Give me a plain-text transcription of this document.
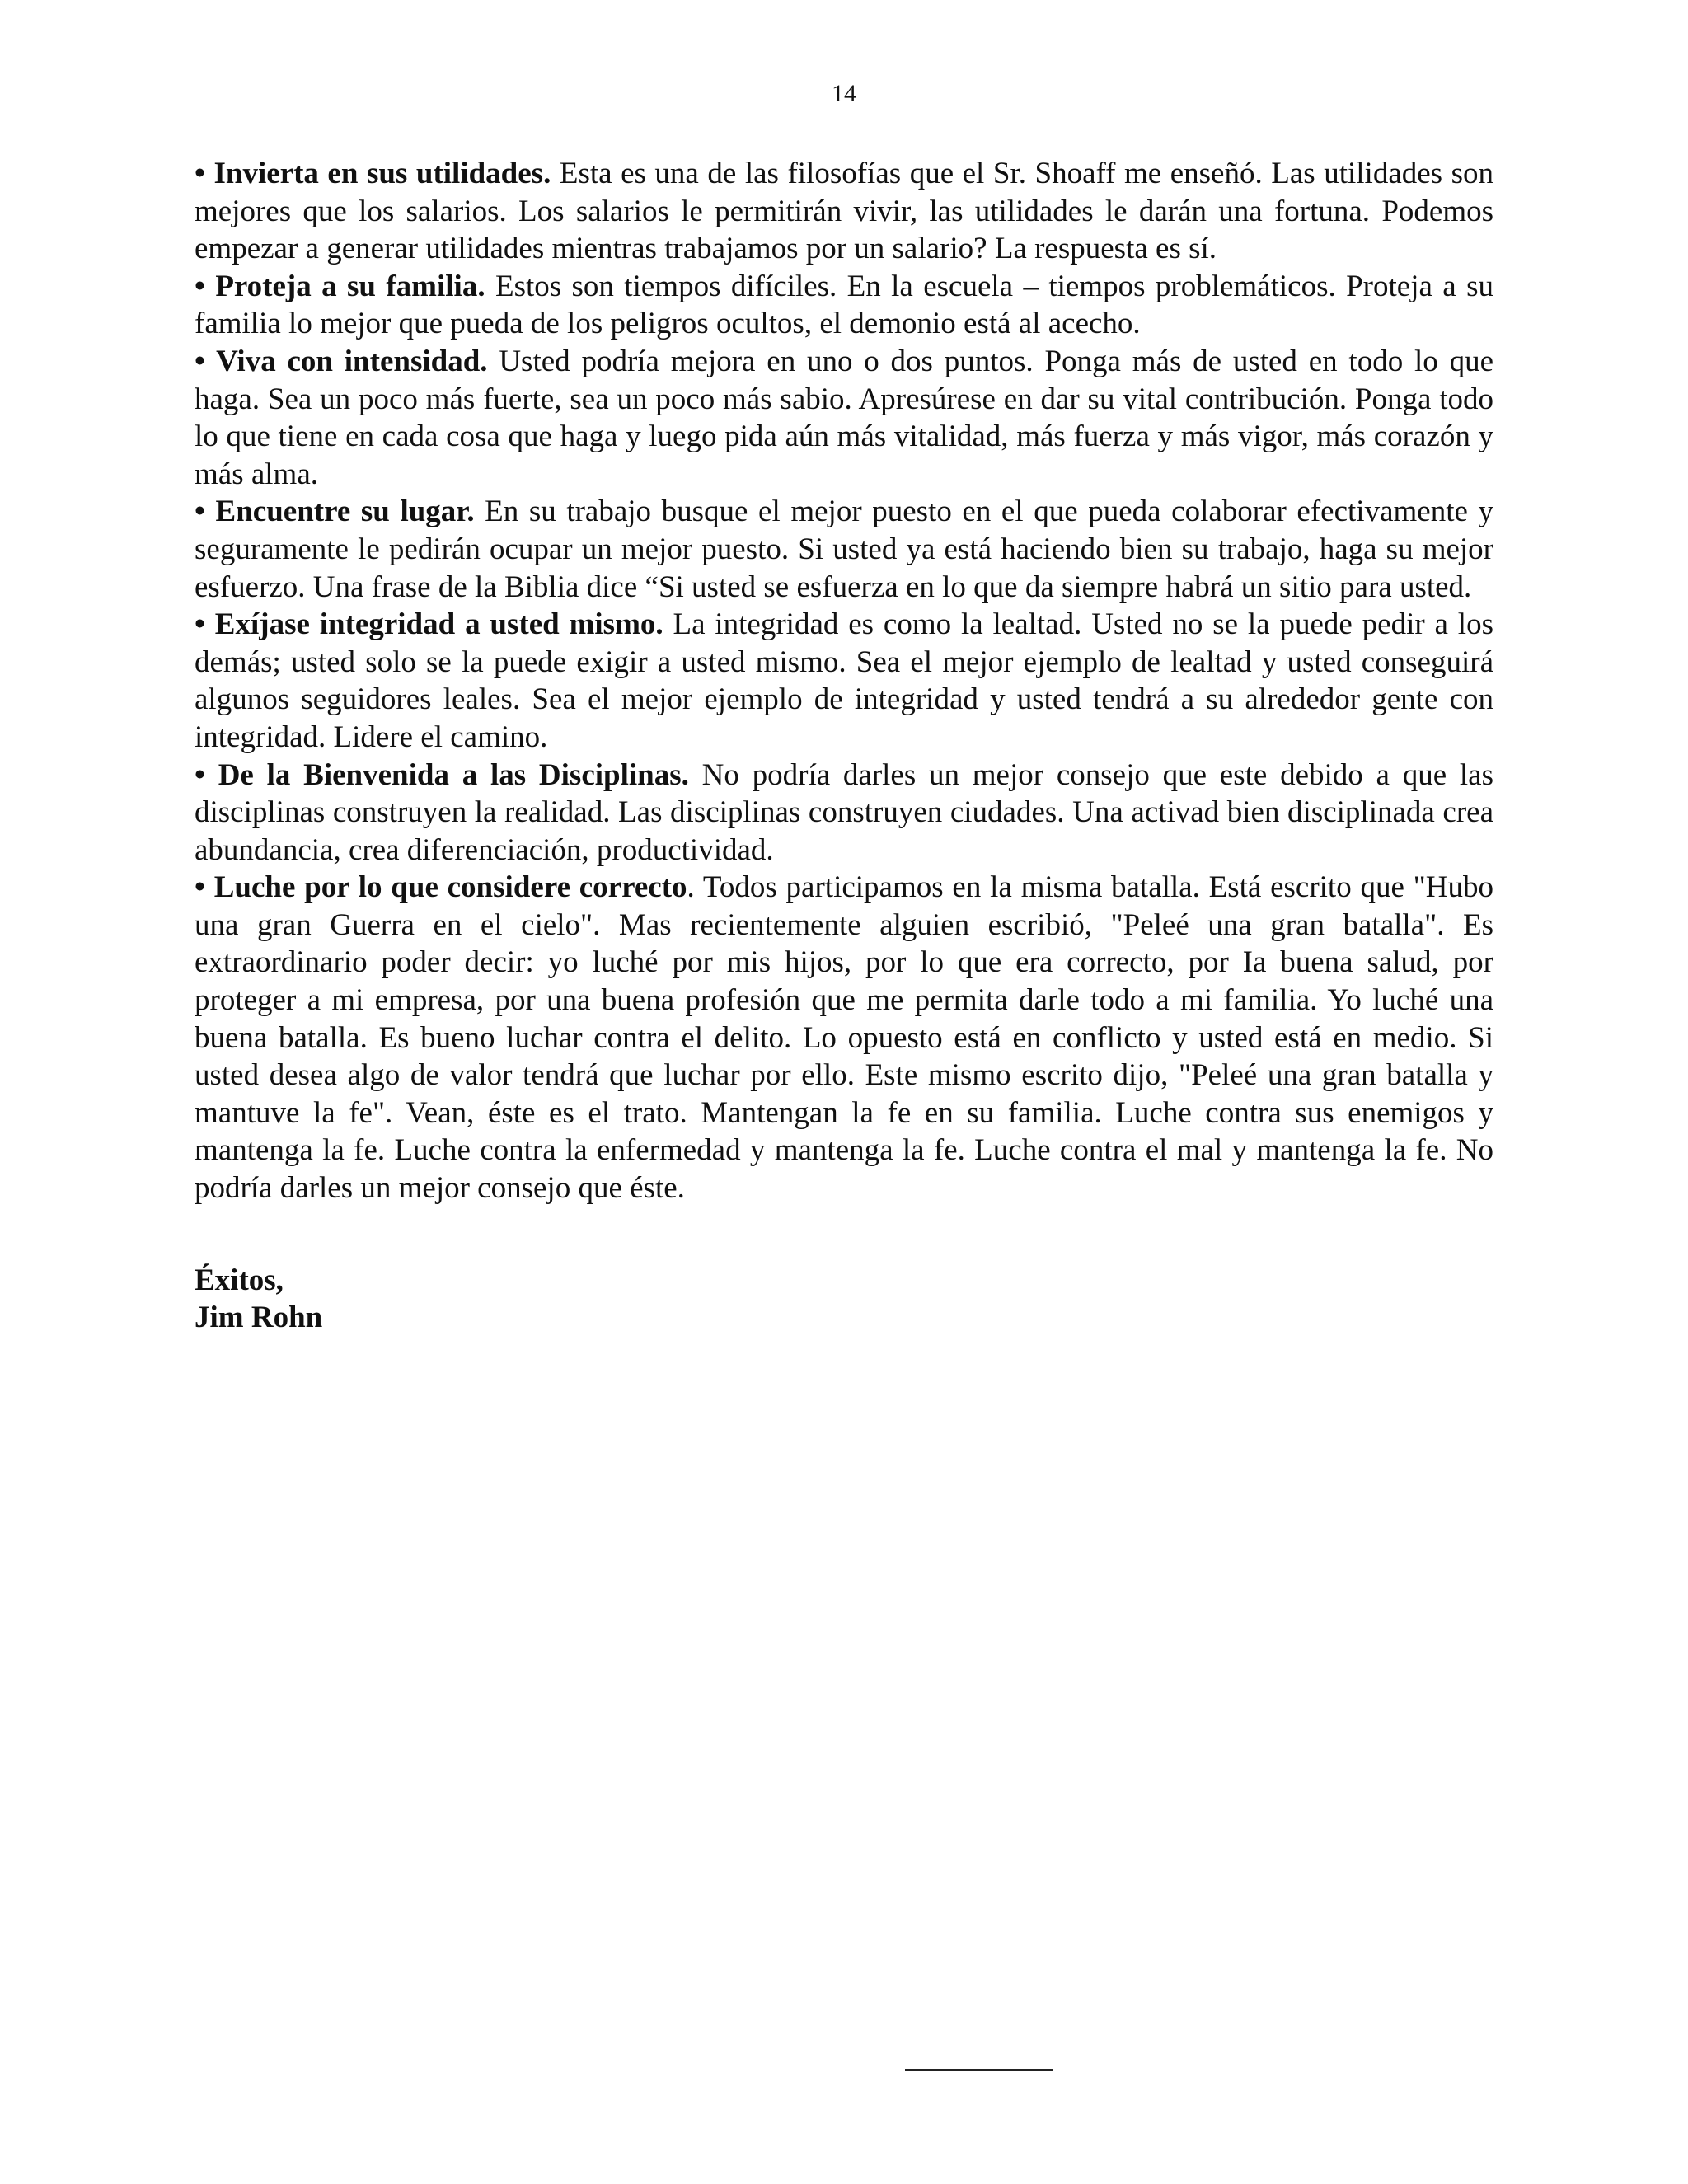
14

• Invierta en sus utilidades. Esta es una de las filosofías que el Sr. Shoaff me enseñó. Las utilidades son mejores que los salarios. Los salarios le permitirán vivir, las utilidades le darán una fortuna. Podemos empezar a generar utilidades mientras trabajamos por un salario? La respuesta es sí.

• Proteja a su familia. Estos son tiempos difíciles. En la escuela – tiempos problemáticos. Proteja a su familia lo mejor que pueda de los peligros ocultos, el demonio está al acecho.

• Viva con intensidad. Usted podría mejora en uno o dos puntos. Ponga más de usted en todo lo que haga. Sea un poco más fuerte, sea un poco más sabio. Apresúrese en dar su vital contribución. Ponga todo lo que tiene en cada cosa que haga y luego pida aún más vitalidad, más fuerza y más vigor, más corazón y más alma.

• Encuentre su lugar. En su trabajo busque el mejor puesto en el que pueda colaborar efectivamente y seguramente le pedirán ocupar un mejor puesto. Si usted ya está haciendo bien su trabajo, haga su mejor esfuerzo. Una frase de la Biblia dice “Si usted se esfuerza en lo que da siempre habrá un sitio para usted.

• Exíjase integridad a usted mismo. La integridad es como la lealtad. Usted no se la puede pedir a los demás; usted solo se la puede exigir a usted mismo. Sea el mejor ejemplo de lealtad y usted conseguirá algunos seguidores leales. Sea el mejor ejemplo de integridad y usted tendrá a su alrededor gente con integridad. Lidere el camino.

• De la Bienvenida a las Disciplinas. No podría darles un mejor consejo que este debido a que las disciplinas construyen la realidad. Las disciplinas construyen ciudades. Una activad bien disciplinada crea abundancia, crea diferenciación, productividad.

• Luche por lo que considere correcto. Todos participamos en la misma batalla. Está escrito que "Hubo una gran Guerra en el cielo". Mas recientemente alguien escribió, "Peleé una gran batalla". Es extraordinario poder decir: yo luché por mis hijos, por lo que era correcto, por Ia buena salud, por proteger a mi empresa, por una buena profesión que me permita darle todo a mi familia. Yo luché una buena batalla. Es bueno luchar contra el delito. Lo opuesto está en conflicto y usted está en medio. Si usted desea algo de valor tendrá que luchar por ello. Este mismo escrito dijo, "Peleé una gran batalla y mantuve la fe". Vean, éste es el trato. Mantengan la fe en su familia. Luche contra sus enemigos y mantenga la fe. Luche contra la enfermedad y mantenga la fe. Luche contra el mal y mantenga la fe. No podría darles un mejor consejo que éste.

Éxitos,
Jim Rohn
